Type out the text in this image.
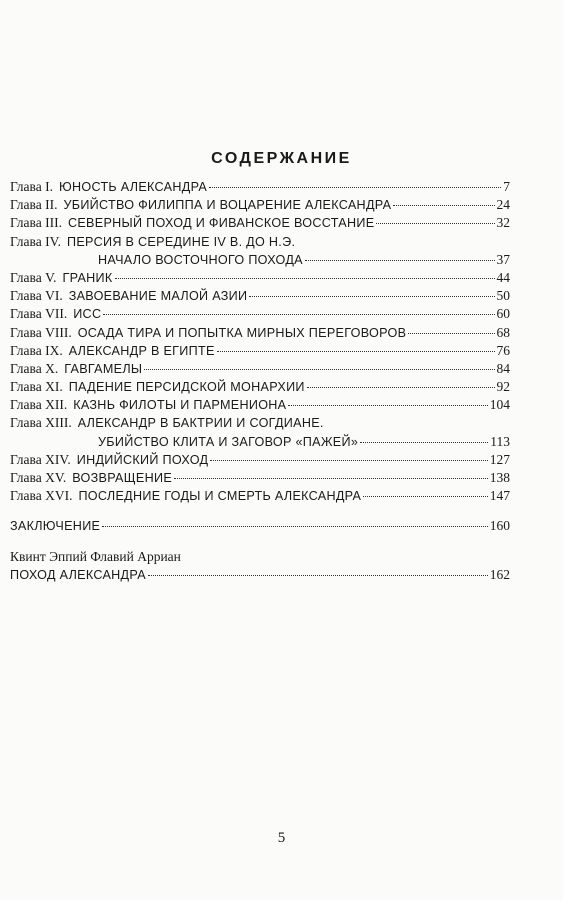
СОДЕРЖАНИЕ
Глава I. ЮНОСТЬ АЛЕКСАНДРА	7
Глава II. УБИЙСТВО ФИЛИППА И ВОЦАРЕНИЕ АЛЕКСАНДРА	24
Глава III. СЕВЕРНЫЙ ПОХОД И ФИВАНСКОЕ ВОССТАНИЕ	32
Глава IV. ПЕРСИЯ В СЕРЕДИНЕ IV В. ДО Н.Э.
НАЧАЛО ВОСТОЧНОГО ПОХОДА	37
Глава V. ГРАНИК	44
Глава VI. ЗАВОЕВАНИЕ МАЛОЙ АЗИИ	50
Глава VII. ИСС	60
Глава VIII. ОСАДА ТИРА И ПОПЫТКА МИРНЫХ ПЕРЕГОВОРОВ	68
Глава IX. АЛЕКСАНДР В ЕГИПТЕ	76
Глава X. ГАВГАМЕЛЫ	84
Глава XI. ПАДЕНИЕ ПЕРСИДСКОЙ МОНАРХИИ	92
Глава XII. КАЗНЬ ФИЛОТЫ И ПАРМЕНИОНА	104
Глава XIII. АЛЕКСАНДР В БАКТРИИ И СОГДИАНЕ.
УБИЙСТВО КЛИТА И ЗАГОВОР «ПАЖЕЙ»	113
Глава XIV. ИНДИЙСКИЙ ПОХОД	127
Глава XV. ВОЗВРАЩЕНИЕ	138
Глава XVI. ПОСЛЕДНИЕ ГОДЫ И СМЕРТЬ АЛЕКСАНДРА	147
ЗАКЛЮЧЕНИЕ	160
Квинт Эппий Флавий Арриан
ПОХОД АЛЕКСАНДРА	162
5
